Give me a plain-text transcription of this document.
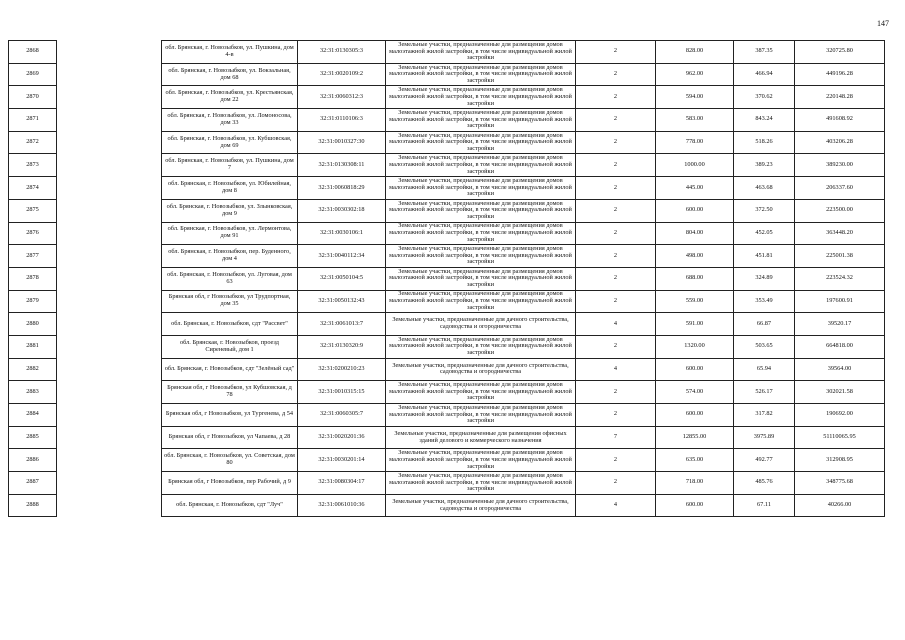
147
2868		обл. Брянская, г. Новозыбков, ул. Пушкина, дом 4-в	32:31:0130305:3	Земельные участки, предназначенные для размещения домов малоэтажной жилой застройки, в том числе индивидуальной жилой застройки	2	828.00	387.35	320725.80
2869		обл. Брянская, г. Новозыбков, ул. Вокзальная, дом 68	32:31:0020109:2	Земельные участки, предназначенные для размещения домов малоэтажной жилой застройки, в том числе индивидуальной жилой застройки	2	962.00	466.94	449196.28
2870		обл. Брянская, г. Новозыбков, ул. Крестьянская, дом 22	32:31:0060312:3	Земельные участки, предназначенные для размещения домов малоэтажной жилой застройки, в том числе индивидуальной жилой застройки	2	594.00	370.62	220148.28
2871		обл. Брянская, г. Новозыбков, ул. Ломоносова, дом 33	32:31:0110106:3	Земельные участки, предназначенные для размещения домов малоэтажной жилой застройки, в том числе индивидуальной жилой застройки	2	583.00	843.24	491608.92
2872		обл. Брянская, г. Новозыбков, ул. Кубшовская, дом 69	32:31:0010327:30	Земельные участки, предназначенные для размещения домов малоэтажной жилой застройки, в том числе индивидуальной жилой застройки	2	778.00	518.26	403206.28
2873		обл. Брянская, г. Новозыбков, ул. Пушкина, дом 7	32:31:0130308:11	Земельные участки, предназначенные для размещения домов малоэтажной жилой застройки, в том числе индивидуальной жилой застройки	2	1000.00	389.23	389230.00
2874		обл. Брянская, г. Новозыбков, ул. Юбилейная, дом 8	32:31:0060818:29	Земельные участки, предназначенные для размещения домов малоэтажной жилой застройки, в том числе индивидуальной жилой застройки	2	445.00	463.68	206337.60
2875		обл. Брянская, г. Новозыбков, ул. Злынковская, дом 9	32:31:0030302:18	Земельные участки, предназначенные для размещения домов малоэтажной жилой застройки, в том числе индивидуальной жилой застройки	2	600.00	372.50	223500.00
2876		обл. Брянская, г. Новозыбков, ул. Лермонтова, дом 91	32:31:0030106:1	Земельные участки, предназначенные для размещения домов малоэтажной жилой застройки, в том числе индивидуальной жилой застройки	2	804.00	452.05	363448.20
2877		обл. Брянская, г. Новозыбков, пер. Буденного, дом 4	32:31:0040112:34	Земельные участки, предназначенные для размещения домов малоэтажной жилой застройки, в том числе индивидуальной жилой застройки	2	498.00	451.81	225001.38
2878		обл. Брянская, г. Новозыбков, ул. Луговая, дом 63	32:31:0050104:5	Земельные участки, предназначенные для размещения домов малоэтажной жилой застройки, в том числе индивидуальной жилой застройки	2	688.00	324.89	223524.32
2879		Брянская обл, г Новозыбков, ул Трудпортная, дом 35	32:31:0050132:43	Земельные участки, предназначенные для размещения домов малоэтажной жилой застройки, в том числе индивидуальной жилой застройки	2	559.00	353.49	197600.91
2880		обл. Брянская, г. Новозыбков, сдт "Рассвет"	32:31:0061013:7	Земельные участки, предназначенные для дачного строительства, садоводства и огородничества	4	591.00	66.87	39520.17
2881		обл. Брянская, г. Новозыбков, проезд Сиреневый, дом 1	32:31:0130320:9	Земельные участки, предназначенные для размещения домов малоэтажной жилой застройки, в том числе индивидуальной жилой застройки	2	1320.00	503.65	664818.00
2882		обл. Брянская, г. Новозыбков, сдт "Зелёный сад"	32:31:0200210:23	Земельные участки, предназначенные для дачного строительства, садоводства и огородничества	4	600.00	65.94	39564.00
2883		Брянская обл, г Новозыбков, ул Кубшовская, д 78	32:31:0010315:15	Земельные участки, предназначенные для размещения домов малоэтажной жилой застройки, в том числе индивидуальной жилой застройки	2	574.00	526.17	302021.58
2884		Брянская обл, г Новозыбков, ул Тургенева, д 54	32:31:0060305:7	Земельные участки, предназначенные для размещения домов малоэтажной жилой застройки, в том числе индивидуальной жилой застройки	2	600.00	317.82	190692.00
2885		Брянская обл, г Новозыбков, ул Чапаева, д 28	32:31:0020201:36	Земельные участки, предназначенные для размещения офисных зданий делового и коммерческого назначения	7	12855.00	3975.89	51110065.95
2886		обл. Брянская, г. Новозыбков, ул. Советская, дом 80	32:31:0030201:14	Земельные участки, предназначенные для размещения домов малоэтажной жилой застройки, в том числе индивидуальной жилой застройки	2	635.00	492.77	312908.95
2887		Брянская обл, г Новозыбков, пер Рабочий, д 9	32:31:0080304:17	Земельные участки, предназначенные для размещения домов малоэтажной жилой застройки, в том числе индивидуальной жилой застройки	2	718.00	485.76	348775.68
2888		обл. Брянская, г. Новозыбков, сдт "Луч"	32:31:0061010:36	Земельные участки, предназначенные для дачного строительства, садоводства и огородничества	4	600.00	67.11	40266.00
